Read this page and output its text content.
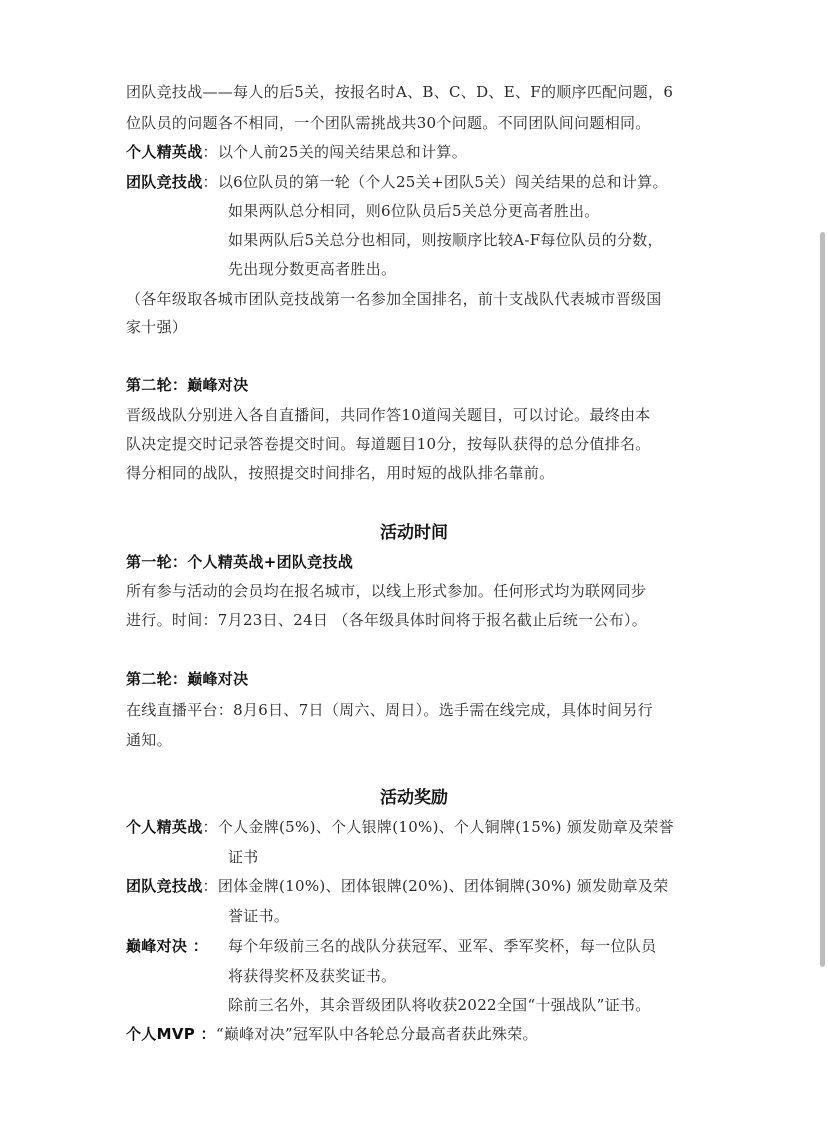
团队竞技战——每人的后5关，按报名时A、B、C、D、E、F的顺序匹配问题，6
位队员的问题各不相同，一个团队需挑战共30个问题。不同团队间问题相同。
个人精英战：以个人前25关的闯关结果总和计算。
团队竞技战：以6位队员的第一轮（个人25关+团队5关）闯关结果的总和计算。
如果两队总分相同，则6位队员后5关总分更高者胜出。
如果两队后5关总分也相同，则按顺序比较A-F每位队员的分数，
先出现分数更高者胜出。
（各年级取各城市团队竞技战第一名参加全国排名，前十支战队代表城市晋级国
家十强）
第二轮：巅峰对决
晋级战队分别进入各自直播间，共同作答10道闯关题目，可以讨论。最终由本
队决定提交时记录答卷提交时间。每道题目10分，按每队获得的总分值排名。
得分相同的战队，按照提交时间排名，用时短的战队排名靠前。
活动时间
第一轮：个人精英战+团队竞技战
所有参与活动的会员均在报名城市，以线上形式参加。任何形式均为联网同步
进行。时间：7月23日、24日 （各年级具体时间将于报名截止后统一公布）。
第二轮：巅峰对决
在线直播平台：8月6日、7日（周六、周日）。选手需在线完成，具体时间另行
通知。
活动奖励
个人精英战：个人金牌(5%)、个人银牌(10%)、个人铜牌(15%) 颁发勋章及荣誉
证书
团队竞技战：团体金牌(10%)、团体银牌(20%)、团体铜牌(30%) 颁发勋章及荣
誉证书。
巅峰对决 ： 每个年级前三名的战队分获冠军、亚军、季军奖杯，每一位队员
将获得奖杯及获奖证书。
除前三名外，其余晋级团队将收获2022全国“十强战队”证书。
个人MVP ：“巅峰对决”冠军队中各轮总分最高者获此殊荣。
